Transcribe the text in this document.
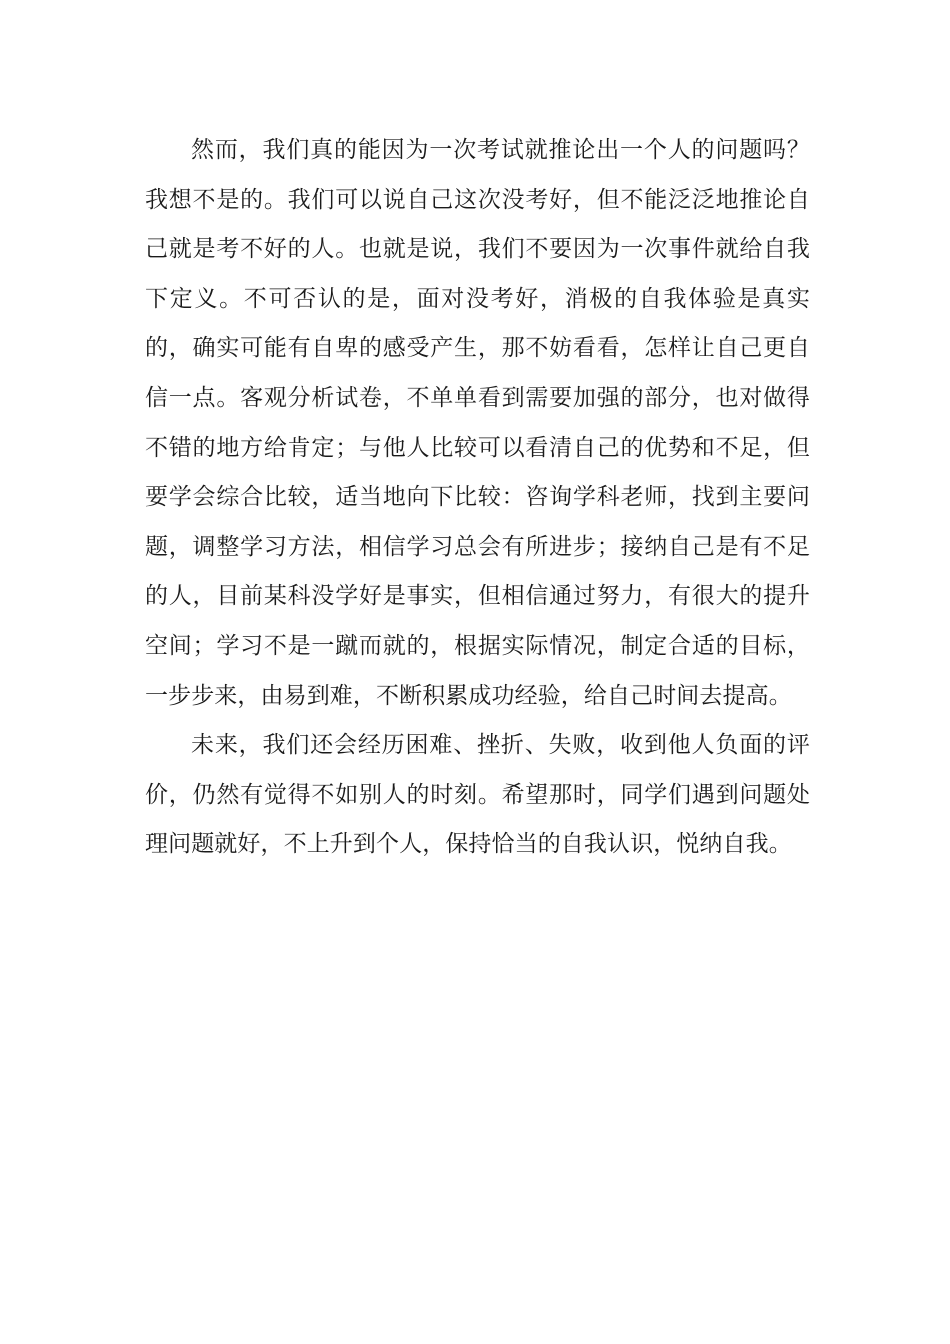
然而，我们真的能因为一次考试就推论出一个人的问题吗？我想不是的。我们可以说自己这次没考好，但不能泛泛地推论自己就是考不好的人。也就是说，我们不要因为一次事件就给自我下定义。不可否认的是，面对没考好，消极的自我体验是真实的，确实可能有自卑的感受产生，那不妨看看，怎样让自己更自信一点。客观分析试卷，不单单看到需要加强的部分，也对做得不错的地方给肯定；与他人比较可以看清自己的优势和不足，但要学会综合比较，适当地向下比较：咨询学科老师，找到主要问题，调整学习方法，相信学习总会有所进步；接纳自己是有不足的人，目前某科没学好是事实，但相信通过努力，有很大的提升空间；学习不是一蹴而就的，根据实际情况，制定合适的目标，一步步来，由易到难，不断积累成功经验，给自己时间去提高。

未来，我们还会经历困难、挫折、失败，收到他人负面的评价，仍然有觉得不如别人的时刻。希望那时，同学们遇到问题处理问题就好，不上升到个人，保持恰当的自我认识，悦纳自我。
